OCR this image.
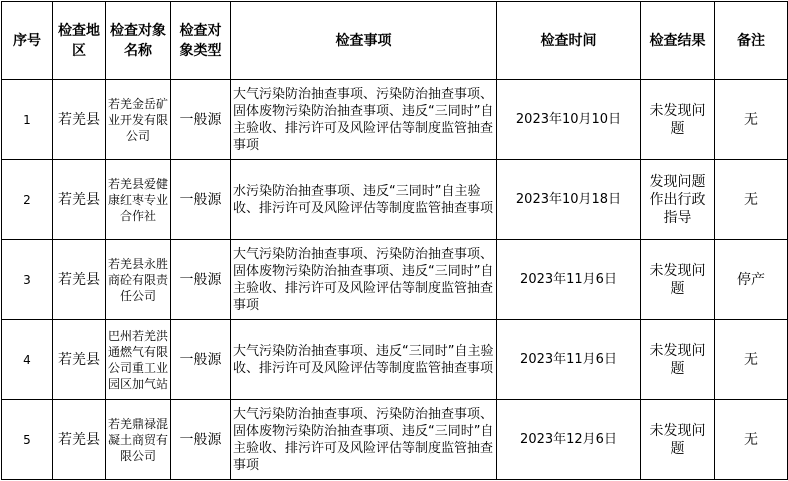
序号	检查地区	检查对象名称	检查对象类型	检查事项	检查时间	检查结果	备注
1	若羌县	若羌金岳矿业开发有限公司	一般源	大气污染防治抽查事项、污染防治抽查事项、固体废物污染防治抽查事项、违反“三同时”自主验收、排污许可及风险评估等制度监管抽查事项	2023年10月10日	未发现问题	无
2	若羌县	若羌县爱健康红枣专业合作社	一般源	水污染防治抽查事项、违反“三同时”自主验收、排污许可及风险评估等制度监管抽查事项	2023年10月18日	发现问题作出行政指导	无
3	若羌县	若羌县永胜商砼有限责任公司	一般源	大气污染防治抽查事项、污染防治抽查事项、固体废物污染防治抽查事项、违反“三同时”自主验收、排污许可及风险评估等制度监管抽查事项	2023年11月6日	未发现问题	停产
4	若羌县	巴州若羌洪通燃气有限公司重工业园区加气站	一般源	大气污染防治抽查事项、违反“三同时”自主验收、排污许可及风险评估等制度监管抽查事项	2023年11月6日	未发现问题	无
5	若羌县	若羌鼎禄混凝土商贸有限公司	一般源	大气污染防治抽查事项、污染防治抽查事项、固体废物污染防治抽查事项、违反“三同时”自主验收、排污许可及风险评估等制度监管抽查事项	2023年12月6日	未发现问题	无
